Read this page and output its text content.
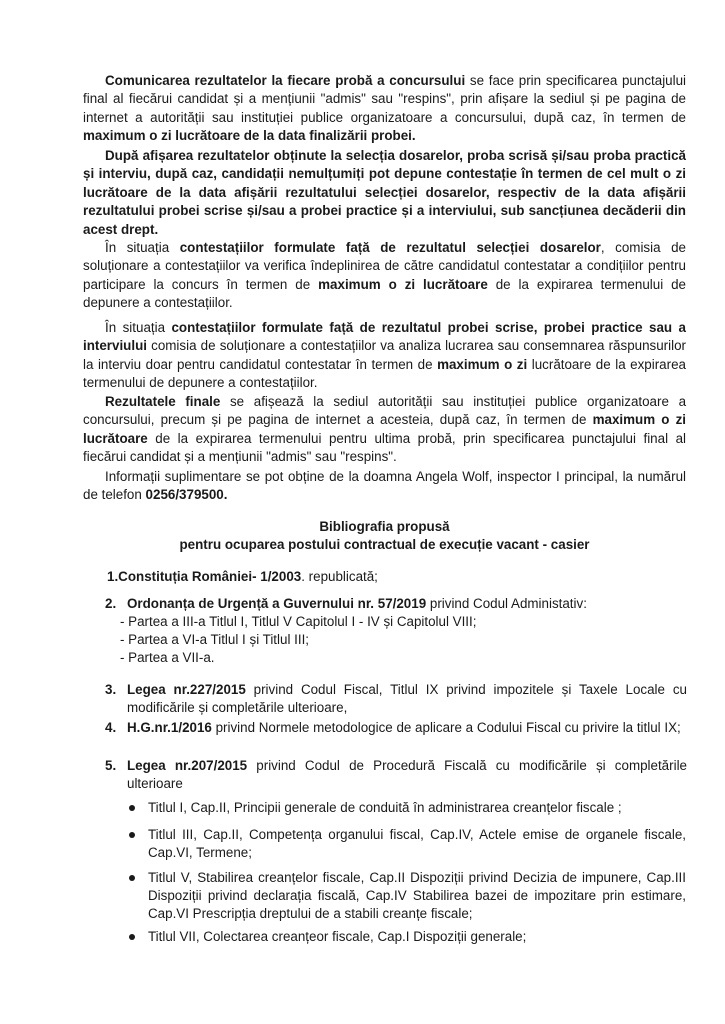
Comunicarea rezultatelor la fiecare probă a concursului se face prin specificarea punctajului final al fiecărui candidat și a mențiunii "admis" sau "respins", prin afișare la sediul și pe pagina de internet a autorității sau instituției publice organizatoare a concursului, după caz, în termen de maximum o zi lucrătoare de la data finalizării probei.

După afișarea rezultatelor obținute la selecția dosarelor, proba scrisă și/sau proba practică și interviu, după caz, candidații nemulțumiți pot depune contestație în termen de cel mult o zi lucrătoare de la data afișării rezultatului selecției dosarelor, respectiv de la data afișării rezultatului probei scrise și/sau a probei practice și a interviului, sub sancțiunea decăderii din acest drept.

În situația contestațiilor formulate față de rezultatul selecției dosarelor, comisia de soluționare a contestațiilor va verifica îndeplinirea de către candidatul contestatar a condițiilor pentru participare la concurs în termen de maximum o zi lucrătoare de la expirarea termenului de depunere a contestațiilor.

În situația contestațiilor formulate față de rezultatul probei scrise, probei practice sau a interviului comisia de soluționare a contestațiilor va analiza lucrarea sau consemnarea răspunsurilor la interviu doar pentru candidatul contestatar în termen de maximum o zi lucrătoare de la expirarea termenului de depunere a contestațiilor.

Rezultatele finale se afișează la sediul autorității sau instituției publice organizatoare a concursului, precum și pe pagina de internet a acesteia, după caz, în termen de maximum o zi lucrătoare de la expirarea termenului pentru ultima probă, prin specificarea punctajului final al fiecărui candidat și a mențiunii "admis" sau "respins".

Informații suplimentare se pot obține de la doamna Angela Wolf, inspector I principal, la numărul de telefon 0256/379500.

Bibliografia propusă

pentru ocuparea postului contractual de execuție vacant - casier

1.Constituția României- 1/2003. republicată;

2. Ordonanța de Urgență a Guvernului nr. 57/2019 privind Codul Administativ:

- Partea a III-a Titlul I, Titlul V Capitolul I - IV și Capitolul VIII;

- Partea a VI-a Titlul I și Titlul III;

- Partea a VII-a.

3. Legea nr.227/2015 privind Codul Fiscal, Titlul IX privind impozitele și Taxele Locale cu modificările și completările ulterioare,

4. H.G.nr.1/2016 privind Normele metodologice de aplicare a Codului Fiscal cu privire la titlul IX;

5. Legea nr.207/2015 privind Codul de Procedură Fiscală cu modificările și completările ulterioare

Titlul I, Cap.II, Principii generale de conduită în administrarea creanțelor fiscale ;

Titlul III, Cap.II, Competența organului fiscal, Cap.IV, Actele emise de organele fiscale, Cap.VI, Termene;

Titlul V, Stabilirea creanțelor fiscale, Cap.II Dispoziții privind Decizia de impunere, Cap.III Dispoziții privind declarația fiscală, Cap.IV Stabilirea bazei de impozitare prin estimare, Cap.VI Prescripția dreptului de a stabili creanțe fiscale;

Titlul VII, Colectarea creanțeor fiscale, Cap.I Dispoziții generale;
